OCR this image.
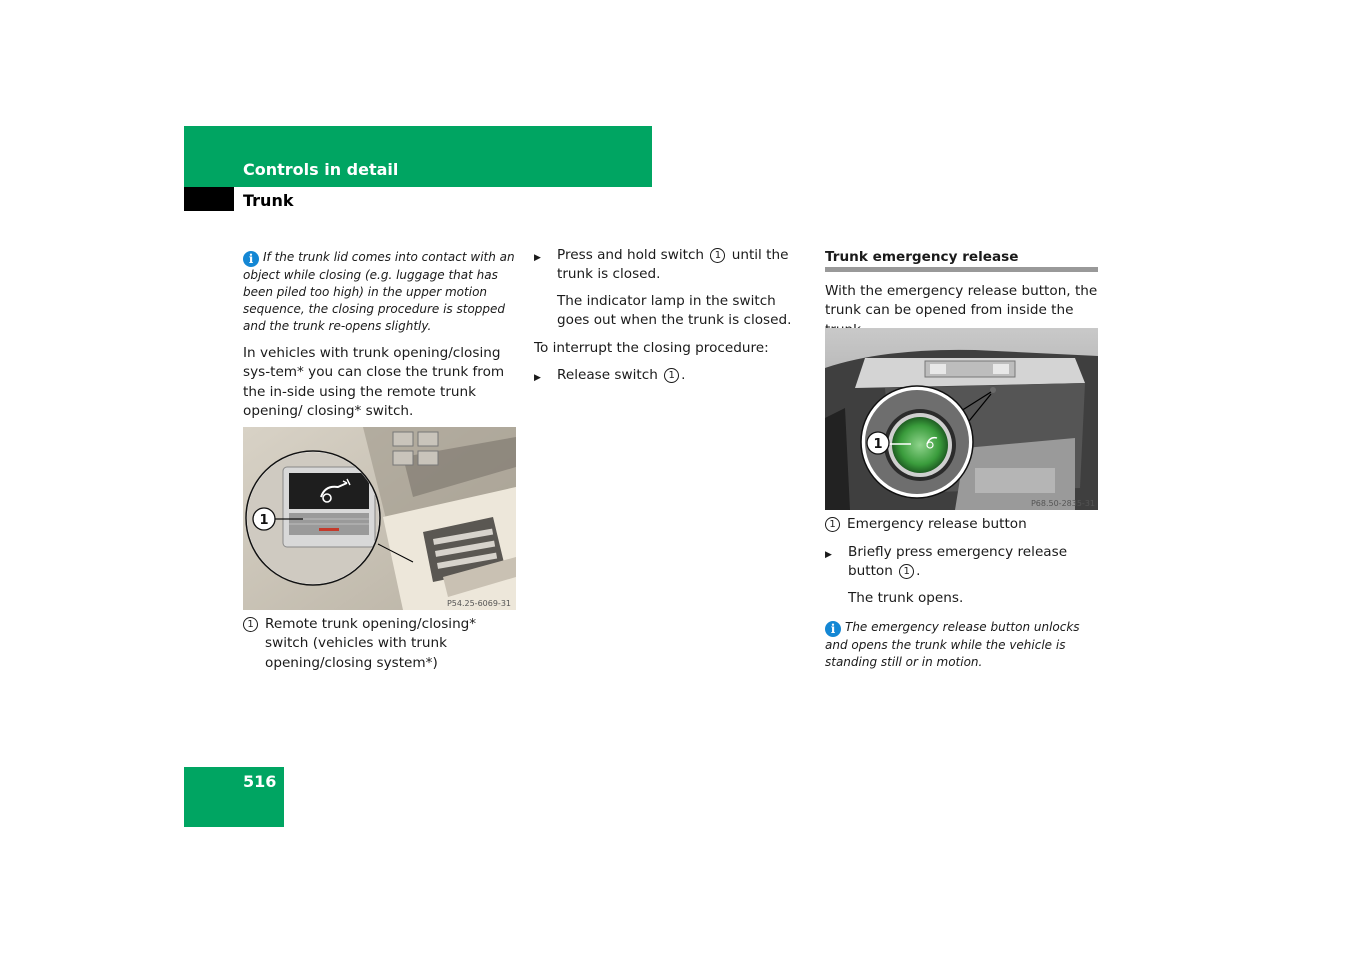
Controls in detail
Trunk
i If the trunk lid comes into contact with an object while closing (e.g. luggage that has been piled too high) in the upper motion sequence, the closing procedure is stopped and the trunk re-opens slightly.
In vehicles with trunk opening/closing sys-tem* you can close the trunk from the in-side using the remote trunk opening/ closing* switch.
1
P54.25-6069-31
1 Remote trunk opening/closing* switch (vehicles with trunk opening/closing system*)
▶	Press and hold switch 1 until the trunk is closed.
The indicator lamp in the switch goes out when the trunk is closed.
To interrupt the closing procedure:
▶	Release switch 1 .
Trunk emergency release
With the emergency release button, the trunk can be opened from inside the
1
P68.50-2835-31
1 Emergency release button
▶	Briefly press emergency release button 1 .
The trunk opens.
i The emergency release button unlocks and opens the trunk while the vehicle is standing still or in motion.
516
